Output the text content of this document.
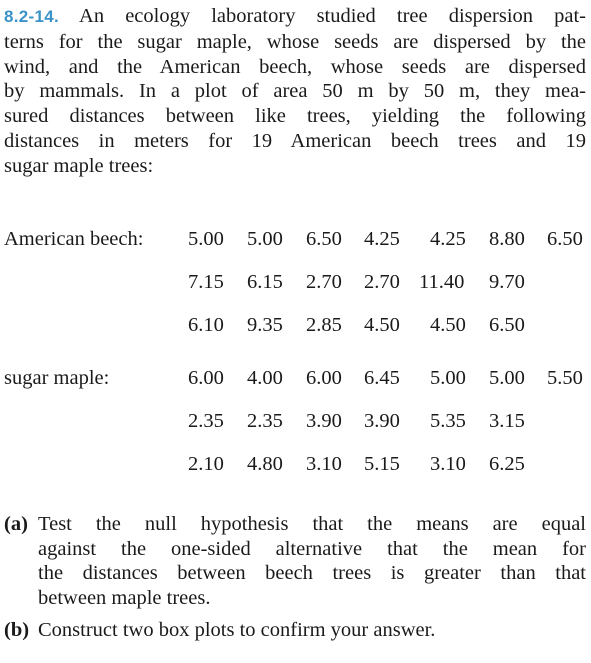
8.2-14. An ecology laboratory studied tree dispersion pat-
terns for the sugar maple, whose seeds are dispersed by the
wind, and the American beech, whose seeds are dispersed
by mammals. In a plot of area 50 m by 50 m, they mea-
sured distances between like trees, yielding the following
distances in meters for 19 American beech trees and 19
sugar maple trees:
American beech: 5.00 5.00 6.50 4.25 4.25 8.80 6.50
7.15 6.15 2.70 2.70 11.40 9.70
6.10 9.35 2.85 4.50 4.50 6.50
sugar maple:	6.00 4.00 6.00 6.45 5.00 5.00 5.50
2.35 2.35 3.90 3.90 5.35 3.15
2.10 4.80 3.10 5.15 3.10 6.25
(a) Test the null hypothesis that the means are equal
against the one-sided alternative that the mean for
the distances between beech trees is greater than that
between maple trees.
(b) Construct two box plots to confirm your answer.
